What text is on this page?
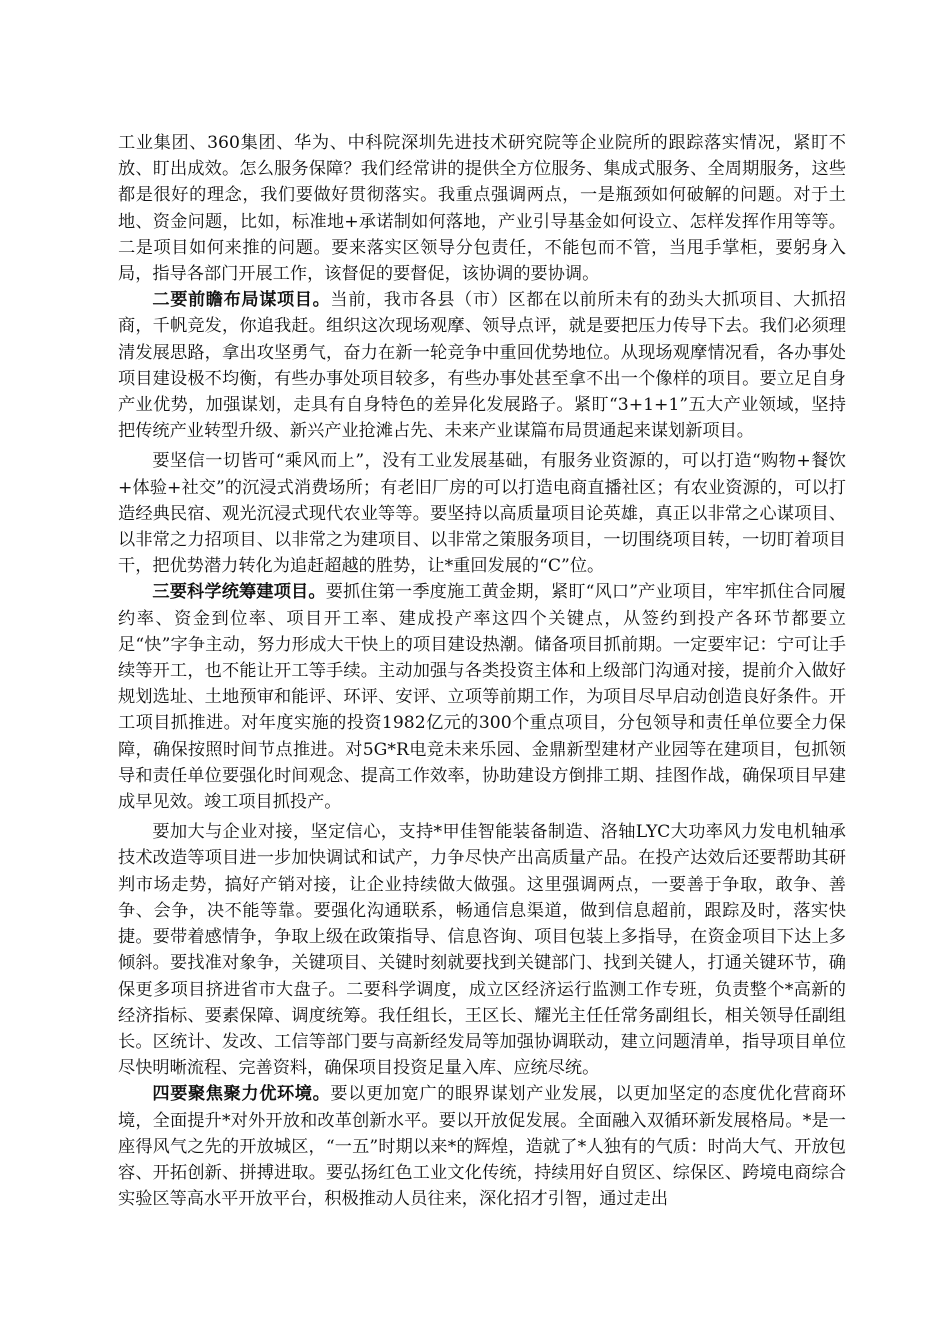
工业集团、360集团、华为、中科院深圳先进技术研究院等企业院所的跟踪落实情况，紧盯不放、盯出成效。怎么服务保障？我们经常讲的提供全方位服务、集成式服务、全周期服务，这些都是很好的理念，我们要做好贯彻落实。我重点强调两点，一是瓶颈如何破解的问题。对于土地、资金问题，比如，标准地+承诺制如何落地，产业引导基金如何设立、怎样发挥作用等等。二是项目如何来推的问题。要来落实区领导分包责任，不能包而不管，当甩手掌柜，要躬身入局，指导各部门开展工作，该督促的要督促，该协调的要协调。

二要前瞻布局谋项目。当前，我市各县（市）区都在以前所未有的劲头大抓项目、大抓招商，千帆竞发，你追我赶。组织这次现场观摩、领导点评，就是要把压力传导下去。我们必须理清发展思路，拿出攻坚勇气，奋力在新一轮竞争中重回优势地位。从现场观摩情况看，各办事处项目建设极不均衡，有些办事处项目较多，有些办事处甚至拿不出一个像样的项目。要立足自身产业优势，加强谋划，走具有自身特色的差异化发展路子。紧盯“3+1+1”五大产业领域，坚持把传统产业转型升级、新兴产业抢滩占先、未来产业谋篇布局贯通起来谋划新项目。

要坚信一切皆可“乘风而上”，没有工业发展基础，有服务业资源的，可以打造“购物+餐饮+体验+社交”的沉浸式消费场所；有老旧厂房的可以打造电商直播社区；有农业资源的，可以打造经典民宿、观光沉浸式现代农业等等。要坚持以高质量项目论英雄，真正以非常之心谋项目、以非常之力招项目、以非常之为建项目、以非常之策服务项目，一切围绕项目转，一切盯着项目干，把优势潜力转化为追赶超越的胜势，让*重回发展的“C”位。

三要科学统筹建项目。要抓住第一季度施工黄金期，紧盯“风口”产业项目，牢牢抓住合同履约率、资金到位率、项目开工率、建成投产率这四个关键点，从签约到投产各环节都要立足“快”字争主动，努力形成大干快上的项目建设热潮。储备项目抓前期。一定要牢记：宁可让手续等开工，也不能让开工等手续。主动加强与各类投资主体和上级部门沟通对接，提前介入做好规划选址、土地预审和能评、环评、安评、立项等前期工作，为项目尽早启动创造良好条件。开工项目抓推进。对年度实施的投资1982亿元的300个重点项目，分包领导和责任单位要全力保障，确保按照时间节点推进。对5G*R电竞未来乐园、金鼎新型建材产业园等在建项目，包抓领导和责任单位要强化时间观念、提高工作效率，协助建设方倒排工期、挂图作战，确保项目早建成早见效。竣工项目抓投产。

要加大与企业对接，坚定信心，支持*甲佳智能装备制造、洛轴LYC大功率风力发电机轴承技术改造等项目进一步加快调试和试产，力争尽快产出高质量产品。在投产达效后还要帮助其研判市场走势，搞好产销对接，让企业持续做大做强。这里强调两点，一要善于争取，敢争、善争、会争，决不能等靠。要强化沟通联系，畅通信息渠道，做到信息超前，跟踪及时，落实快捷。要带着感情争，争取上级在政策指导、信息咨询、项目包装上多指导，在资金项目下达上多倾斜。要找准对象争，关键项目、关键时刻就要找到关键部门、找到关键人，打通关键环节，确保更多项目挤进省市大盘子。二要科学调度，成立区经济运行监测工作专班，负责整个*高新的经济指标、要素保障、调度统筹。我任组长，王区长、耀光主任任常务副组长，相关领导任副组长。区统计、发改、工信等部门要与高新经发局等加强协调联动，建立问题清单，指导项目单位尽快明晰流程、完善资料，确保项目投资足量入库、应统尽统。

四要聚焦聚力优环境。要以更加宽广的眼界谋划产业发展，以更加坚定的态度优化营商环境，全面提升*对外开放和改革创新水平。要以开放促发展。全面融入双循环新发展格局。*是一座得风气之先的开放城区，“一五”时期以来*的辉煌，造就了*人独有的气质：时尚大气、开放包容、开拓创新、拼搏进取。要弘扬红色工业文化传统，持续用好自贸区、综保区、跨境电商综合实验区等高水平开放平台，积极推动人员往来，深化招才引智，通过走出
